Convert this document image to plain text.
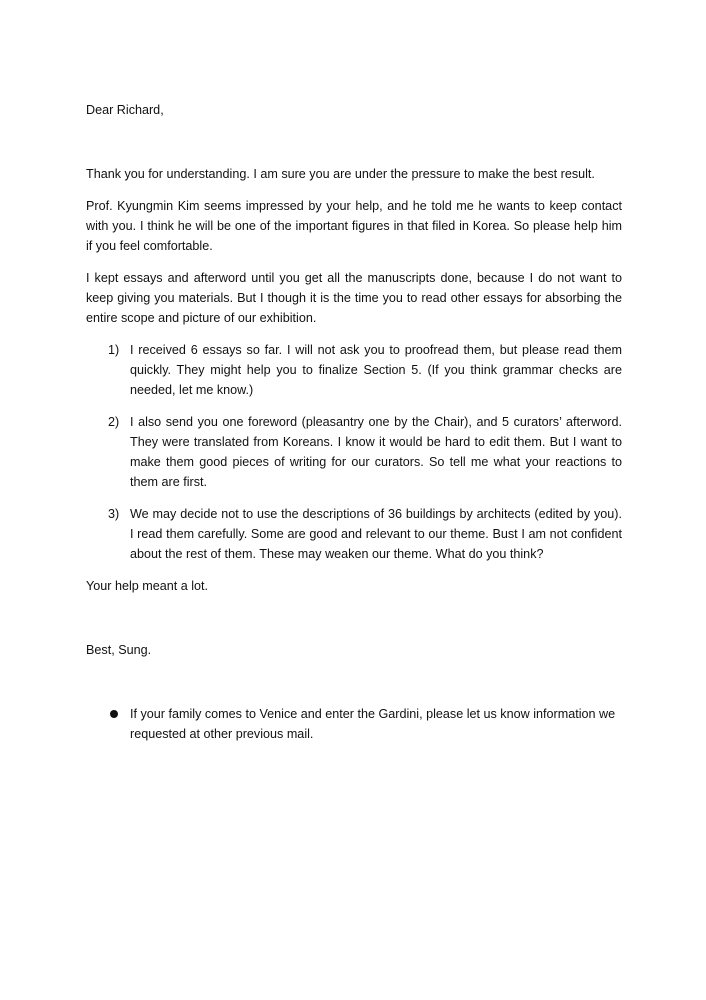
Dear Richard,

Thank you for understanding. I am sure you are under the pressure to make the best result.

Prof. Kyungmin Kim seems impressed by your help, and he told me he wants to keep contact with you. I think he will be one of the important figures in that filed in Korea. So please help him if you feel comfortable.

I kept essays and afterword until you get all the manuscripts done, because I do not want to keep giving you materials. But I though it is the time you to read other essays for absorbing the entire scope and picture of our exhibition.

1) I received 6 essays so far. I will not ask you to proofread them, but please read them quickly. They might help you to finalize Section 5. (If you think grammar checks are needed, let me know.)

2) I also send you one foreword (pleasantry one by the Chair), and 5 curators’ afterword. They were translated from Koreans. I know it would be hard to edit them. But I want to make them good pieces of writing for our curators. So tell me what your reactions to them are first.

3) We may decide not to use the descriptions of 36 buildings by architects (edited by you). I read them carefully. Some are good and relevant to our theme. Bust I am not confident about the rest of them. These may weaken our theme. What do you think?

Your help meant a lot.

Best, Sung.

If your family comes to Venice and enter the Gardini, please let us know information we requested at other previous mail.
